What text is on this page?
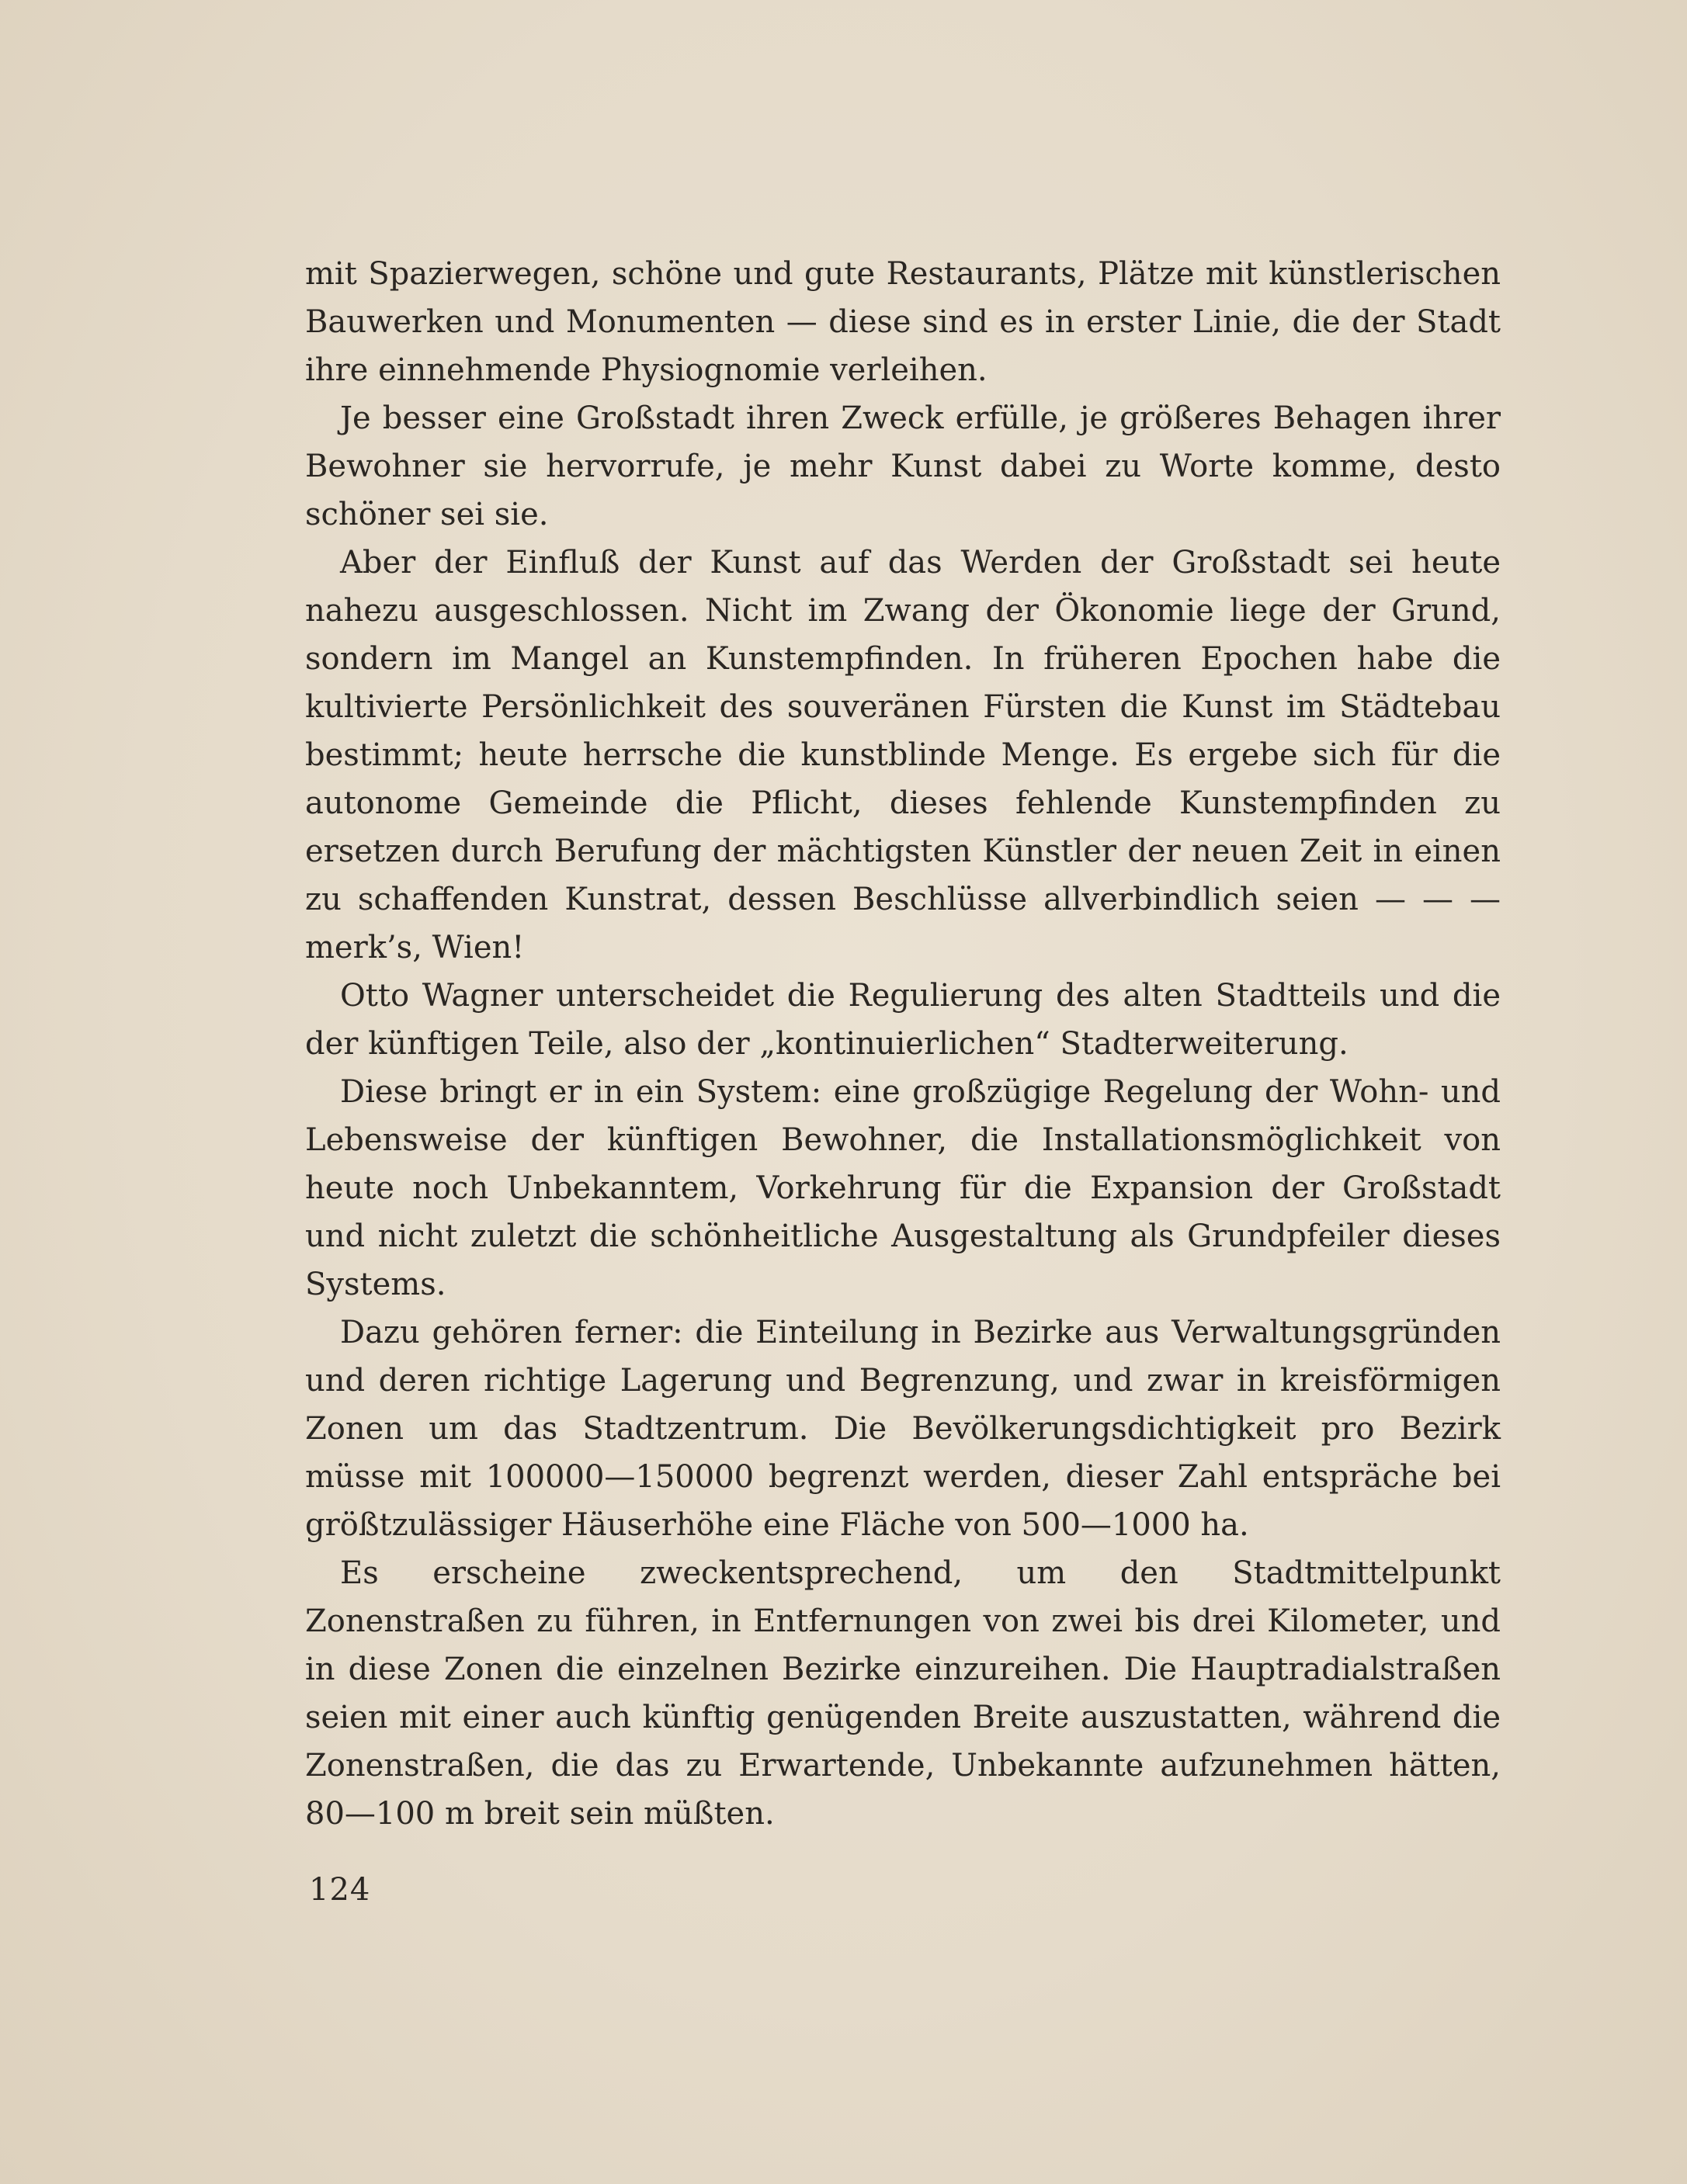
mit Spazierwegen, schöne und gute Restaurants, Plätze mit künstlerischen Bauwerken und Monumenten — diese sind es in erster Linie, die der Stadt ihre einnehmende Physiognomie verleihen.

Je besser eine Großstadt ihren Zweck erfülle, je größeres Behagen ihrer Bewohner sie hervorrufe, je mehr Kunst dabei zu Worte komme, desto schöner sei sie.

Aber der Einfluß der Kunst auf das Werden der Großstadt sei heute nahezu ausgeschlossen. Nicht im Zwang der Ökonomie liege der Grund, sondern im Mangel an Kunstempfinden. In früheren Epochen habe die kultivierte Persönlichkeit des souveränen Fürsten die Kunst im Städtebau bestimmt; heute herrsche die kunstblinde Menge. Es ergebe sich für die autonome Gemeinde die Pflicht, dieses fehlende Kunstempfinden zu ersetzen durch Berufung der mächtigsten Künstler der neuen Zeit in einen zu schaffenden Kunstrat, dessen Beschlüsse allverbindlich seien — — — merk’s, Wien!

Otto Wagner unterscheidet die Regulierung des alten Stadtteils und die der künftigen Teile, also der „kontinuierlichen“ Stadterweiterung.

Diese bringt er in ein System: eine großzügige Regelung der Wohn- und Lebensweise der künftigen Bewohner, die Installationsmöglichkeit von heute noch Unbekanntem, Vorkehrung für die Expansion der Großstadt und nicht zuletzt die schönheitliche Ausgestaltung als Grundpfeiler dieses Systems.

Dazu gehören ferner: die Einteilung in Bezirke aus Verwaltungsgründen und deren richtige Lagerung und Begrenzung, und zwar in kreisförmigen Zonen um das Stadtzentrum. Die Bevölkerungsdichtigkeit pro Bezirk müsse mit 100000—150000 begrenzt werden, dieser Zahl entspräche bei größtzulässiger Häuserhöhe eine Fläche von 500—1000 ha.

Es erscheine zweckentsprechend, um den Stadtmittelpunkt Zonenstraßen zu führen, in Entfernungen von zwei bis drei Kilometer, und in diese Zonen die einzelnen Bezirke einzureihen. Die Hauptradialstraßen seien mit einer auch künftig genügenden Breite auszustatten, während die Zonenstraßen, die das zu Erwartende, Unbekannte aufzunehmen hätten, 80—100 m breit sein müßten.

124
